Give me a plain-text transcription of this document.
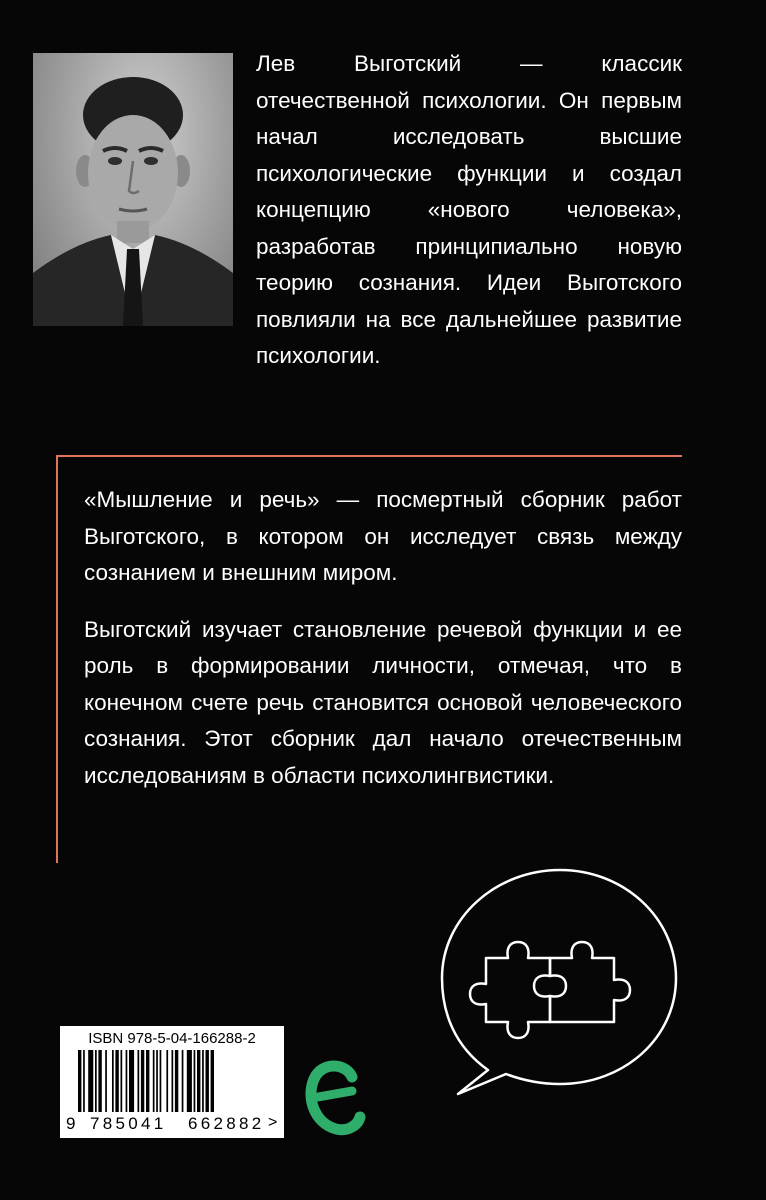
Лев Выготский — классик отечественной психологии. Он первым начал исследовать высшие психологические функции и создал концепцию «нового человека», разработав принципиально новую теорию сознания. Идеи Выготского повлияли на все дальнейшее развитие психологии.

«Мышление и речь» — посмертный сборник работ Выготского, в котором он исследует связь между сознанием и внешним миром.

Выготский изучает становление речевой функции и ее роль в формировании личности, отмечая, что в конечном счете речь становится основой человеческого сознания. Этот сборник дал начало отечественным исследованиям в области психолингвистики.

ISBN 978-5-04-166288-2
9 785041 662882 >
